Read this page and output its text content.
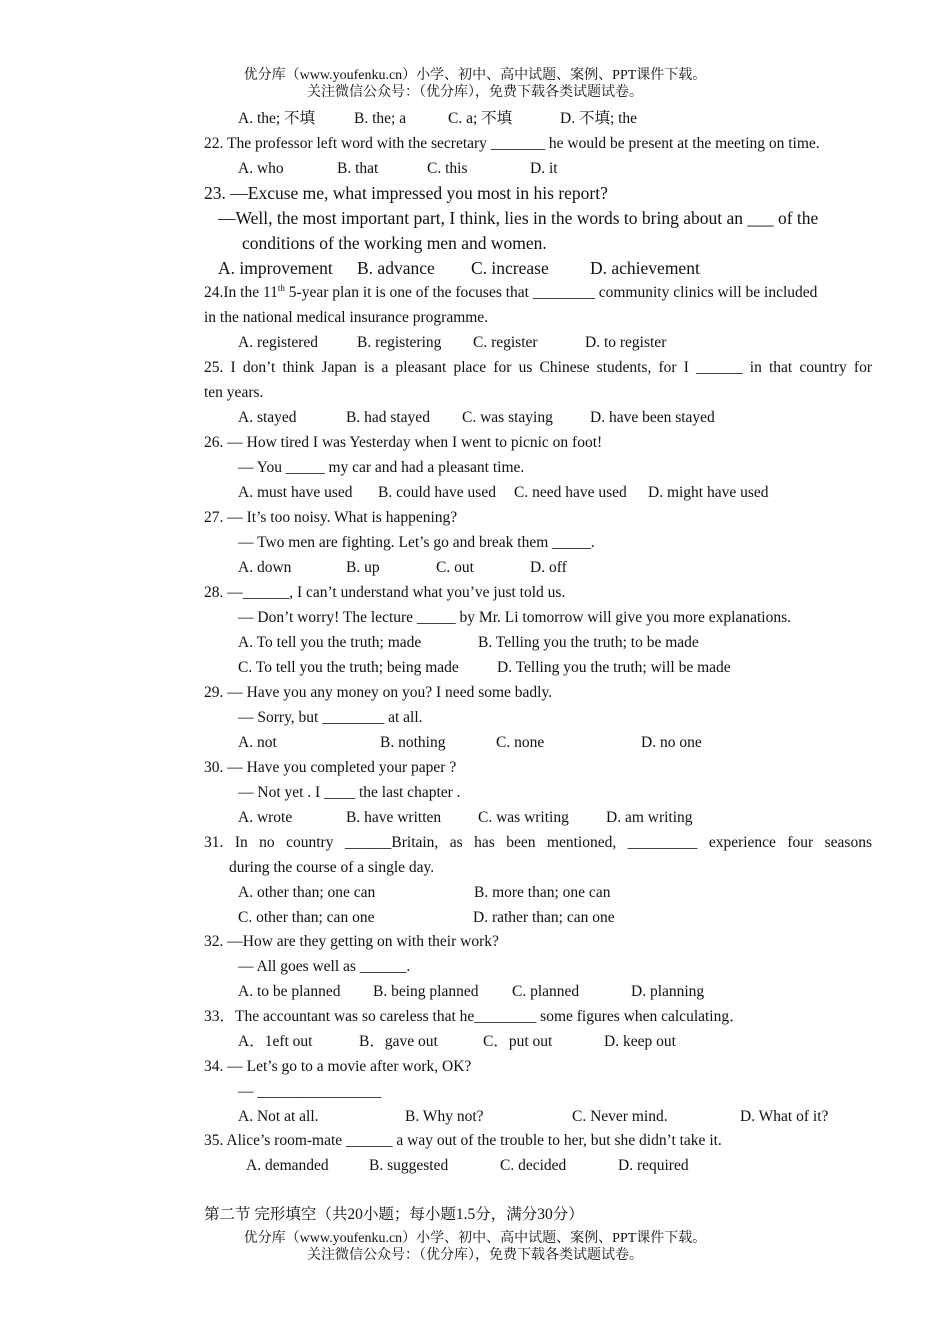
优分库（www.youfenku.cn）小学、初中、高中试题、案例、PPT课件下载。
关注微信公众号：（优分库），免费下载各类试题试卷。
A. the; 不填	B. the; a	C. a; 不填	D. 不填; the
22. The professor left word with the secretary _______ he would be present at the meeting on time.
A. who	B. that	C. this	D. it
23. —Excuse me, what impressed you most in his report?
—Well, the most important part, I think, lies in the words to bring about an ___ of the
conditions of the working men and women.
A. improvement B. advance C. increase D. achievement
24.In the 11th 5-year plan it is one of the focuses that ________ community clinics will be included
in the national medical insurance programme.
A. registered	B. registering C. register	D. to register
25. I don’t think Japan is a pleasant place for us Chinese students, for I ______ in that country for
ten years.
A. stayed	B. had stayed C. was staying D. have been stayed
26. — How tired I was Yesterday when I went to picnic on foot!
— You _____ my car and had a pleasant time.
A. must have used B. could have used C. need have used D. might have used
27. — It’s too noisy. What is happening?
— Two men are fighting. Let’s go and break them _____.
A. down	B. up	C. out	D. off
28. —______, I can’t understand what you’ve just told us.
— Don’t worry! The lecture _____ by Mr. Li tomorrow will give you more explanations.
A. To tell you the truth; made	B. Telling you the truth; to be made
C. To tell you the truth; being made D. Telling you the truth; will be made
29. — Have you any money on you? I need some badly.
— Sorry, but ________ at all.
A. not	B. nothing	C. none	D. no one
30. — Have you completed your paper ?
— Not yet . I ____ the last chapter .
A. wrote	B. have written C. was writing D. am writing
31. In no country ______Britain, as has been mentioned, _________ experience four seasons
during the course of a single day.
A. other than; one can	B. more than; one can
C. other than; can one	D. rather than; can one
32. —How are they getting on with their work?
— All goes well as ______.
A. to be planned B. being planned C. planned	D. planning
33．The accountant was so careless that he________ some figures when calculating．
A．1eft out	B．gave out	C．put out	D. keep out
34. — Let’s go to a movie after work, OK?
— ________________
A. Not at all.	B. Why not?	C. Never mind.	D. What of it?
35. Alice’s room-mate ______ a way out of the trouble to her, but she didn’t take it.
A. demanded	B. suggested	C. decided	D. required
第二节 完形填空（共20小题；每小题1.5分，满分30分）
优分库（www.youfenku.cn）小学、初中、高中试题、案例、PPT课件下载。
关注微信公众号：（优分库），免费下载各类试题试卷。
